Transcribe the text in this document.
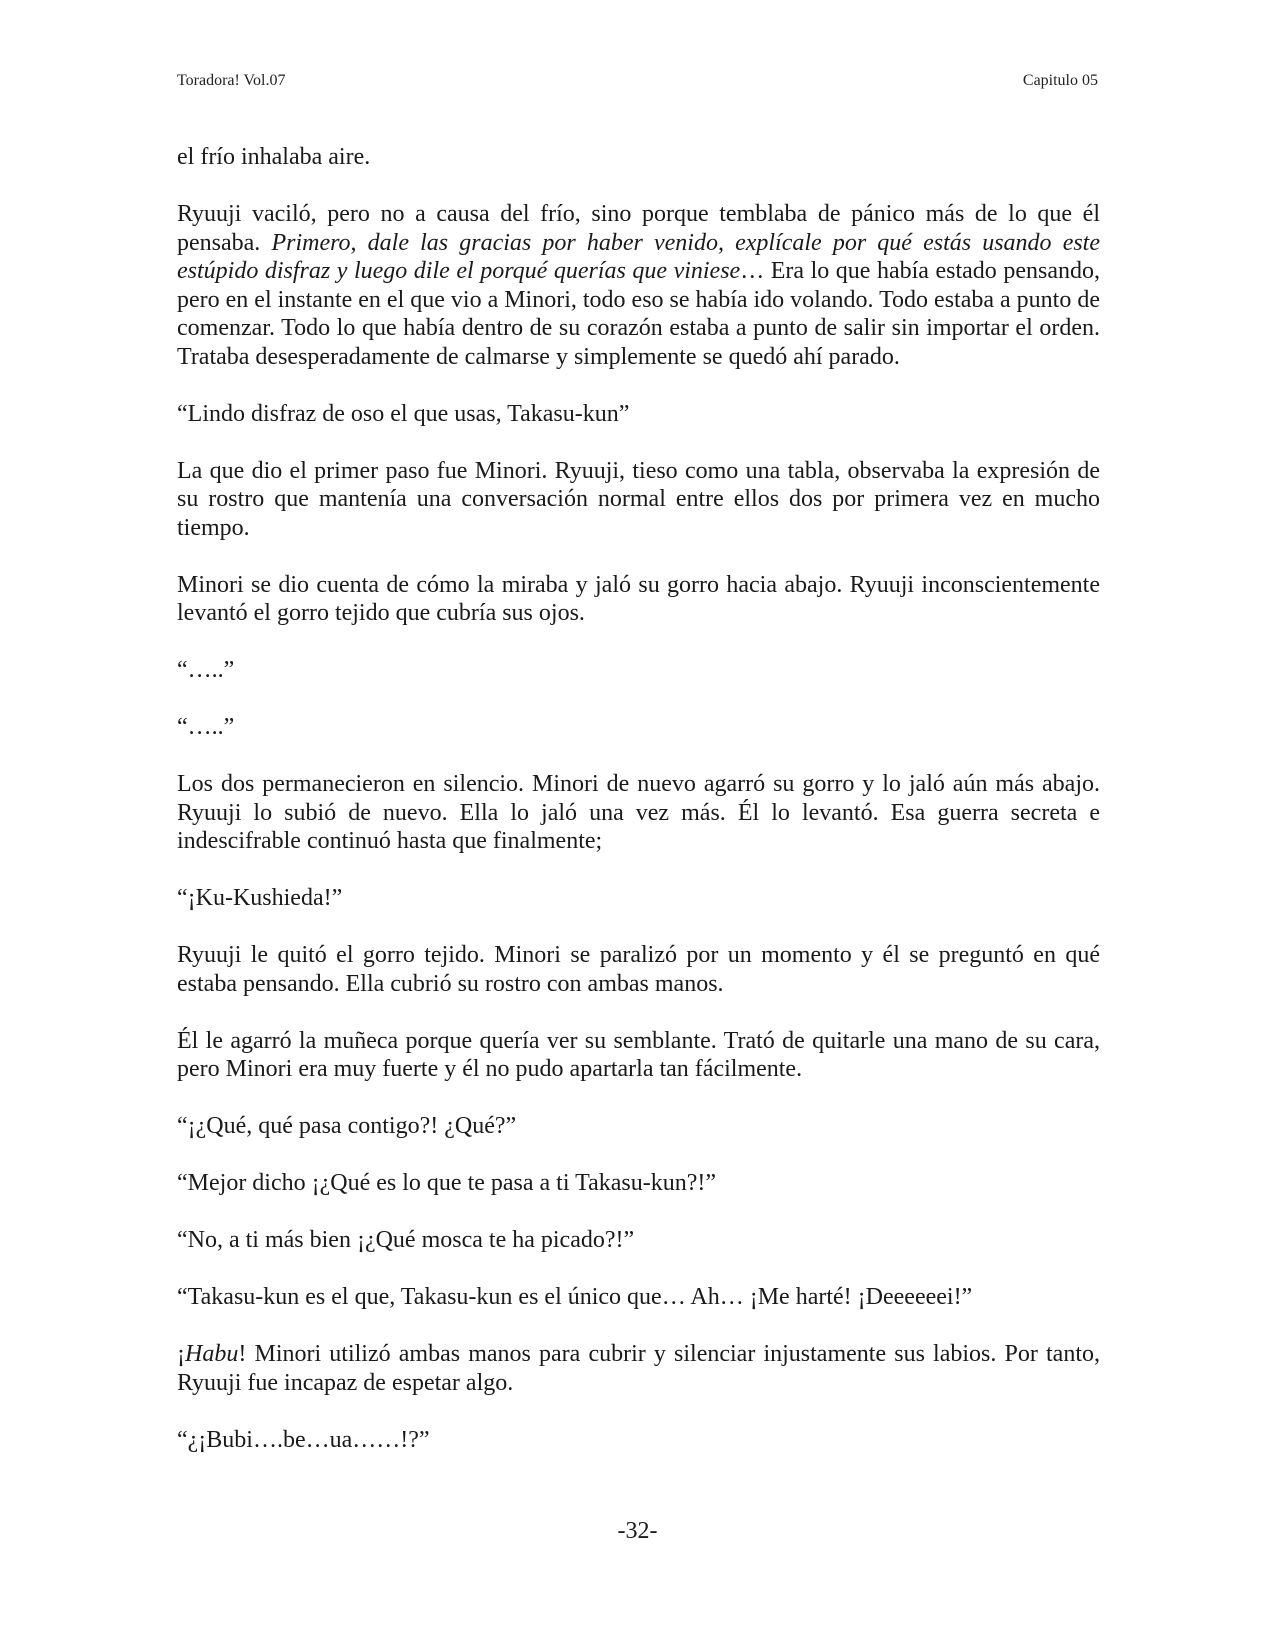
Toradora! Vol.07	Capitulo 05

el frío inhalaba aire.

Ryuuji vaciló, pero no a causa del frío, sino porque temblaba de pánico más de lo que él pensaba. Primero, dale las gracias por haber venido, explícale por qué estás usando este estúpido disfraz y luego dile el porqué querías que viniese… Era lo que había estado pensando, pero en el instante en el que vio a Minori, todo eso se había ido volando. Todo estaba a punto de comenzar. Todo lo que había dentro de su corazón estaba a punto de salir sin importar el orden. Trataba desesperadamente de calmarse y simplemente se quedó ahí parado.

“Lindo disfraz de oso el que usas, Takasu-kun”

La que dio el primer paso fue Minori. Ryuuji, tieso como una tabla, observaba la expresión de su rostro que mantenía una conversación normal entre ellos dos por primera vez en mucho tiempo.

Minori se dio cuenta de cómo la miraba y jaló su gorro hacia abajo. Ryuuji inconscientemente levantó el gorro tejido que cubría sus ojos.

“…..”

“…..”

Los dos permanecieron en silencio. Minori de nuevo agarró su gorro y lo jaló aún más abajo. Ryuuji lo subió de nuevo. Ella lo jaló una vez más. Él lo levantó. Esa guerra secreta e indescifrable continuó hasta que finalmente;

“¡Ku-Kushieda!”

Ryuuji le quitó el gorro tejido. Minori se paralizó por un momento y él se preguntó en qué estaba pensando. Ella cubrió su rostro con ambas manos.

Él le agarró la muñeca porque quería ver su semblante. Trató de quitarle una mano de su cara, pero Minori era muy fuerte y él no pudo apartarla tan fácilmente.

“¡¿Qué, qué pasa contigo?! ¿Qué?”

“Mejor dicho ¡¿Qué es lo que te pasa a ti Takasu-kun?!”

“No, a ti más bien ¡¿Qué mosca te ha picado?!”

“Takasu-kun es el que, Takasu-kun es el único que… Ah… ¡Me harté! ¡Deeeeeei!”

¡Habu! Minori utilizó ambas manos para cubrir y silenciar injustamente sus labios. Por tanto, Ryuuji fue incapaz de espetar algo.

“¿¡Bubi….be…ua……!?”

-32-
